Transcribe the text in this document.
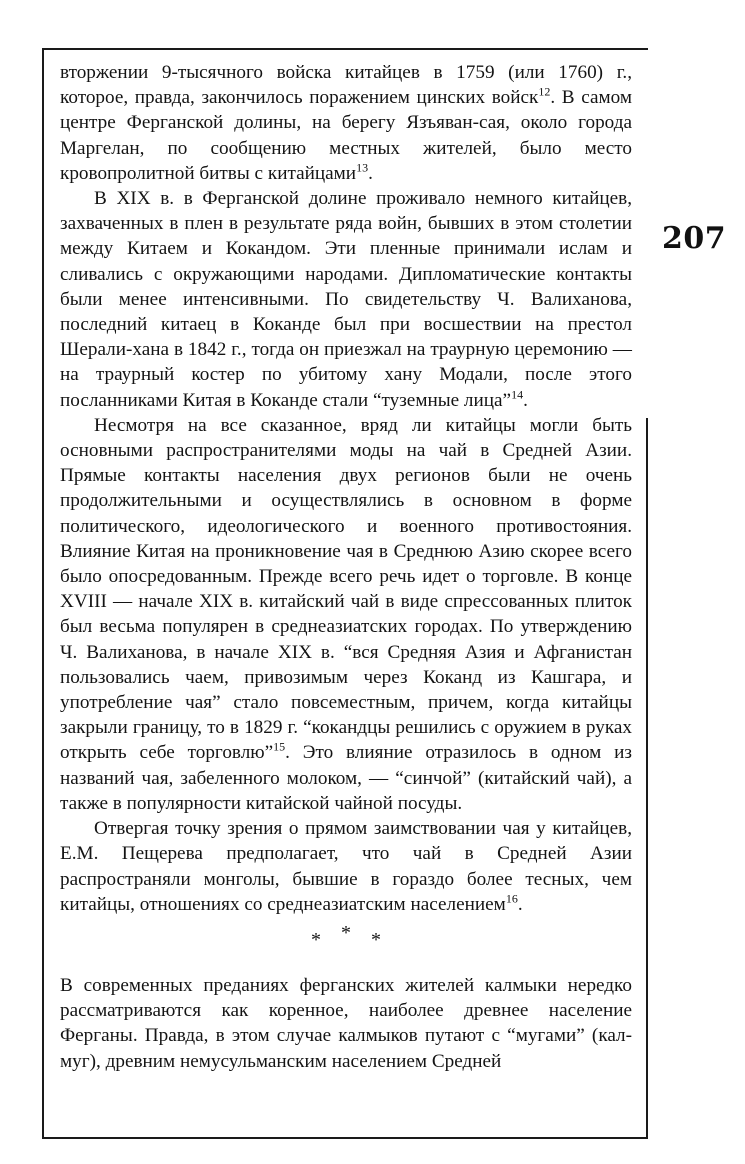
207

вторжении 9-тысячного войска китайцев в 1759 (или 1760) г., которое, правда, закончилось поражением цинских войск$^{12}$. В самом центре Ферганской долины, на берегу Язъяван-сая, около города Маргелан, по сообщению местных жителей, было место кровопролитной битвы с китайцами$^{13}$.

В XIX в. в Ферганской долине проживало немного китайцев, захваченных в плен в результате ряда войн, бывших в этом столетии между Китаем и Кокандом. Эти пленные принимали ислам и сливались с окружающими народами. Дипломатические контакты были менее интенсивными. По свидетельству Ч. Валиханова, последний китаец в Коканде был при восшествии на престол Шерали-хана в 1842 г., тогда он приезжал на траурную церемонию — на траурный костер по убитому хану Модали, после этого посланниками Китая в Коканде стали “туземные лица”$^{14}$.

Несмотря на все сказанное, вряд ли китайцы могли быть основными распространителями моды на чай в Средней Азии. Прямые контакты населения двух регионов были не очень продолжительными и осуществлялись в основном в форме политического, идеологического и военного противостояния. Влияние Китая на проникновение чая в Среднюю Азию скорее всего было опосредованным. Прежде всего речь идет о торговле. В конце XVIII — начале XIX в. китайский чай в виде спрессованных плиток был весьма популярен в среднеазиатских городах. По утверждению Ч. Валиханова, в начале XIX в. “вся Средняя Азия и Афганистан пользовались чаем, привозимым через Коканд из Кашгара, и употребление чая” стало повсеместным, причем, когда китайцы закрыли границу, то в 1829 г. “кокандцы решились с оружием в руках открыть себе торговлю”$^{15}$. Это влияние отразилось в одном из названий чая, забеленного молоком, — “синчой” (китайский чай), а также в популярности китайской чайной посуды.

Отвергая точку зрения о прямом заимствовании чая у китайцев, Е.М. Пещерева предполагает, что чай в Средней Азии распространяли монголы, бывшие в гораздо более тесных, чем китайцы, отношениях со среднеазиатским населением$^{16}$.

* * *

В современных преданиях ферганских жителей калмыки нередко рассматриваются как коренное, наиболее древнее население Ферганы. Правда, в этом случае калмыков путают с “мугами” (кал-муг), древним немусульманским населением Средней
